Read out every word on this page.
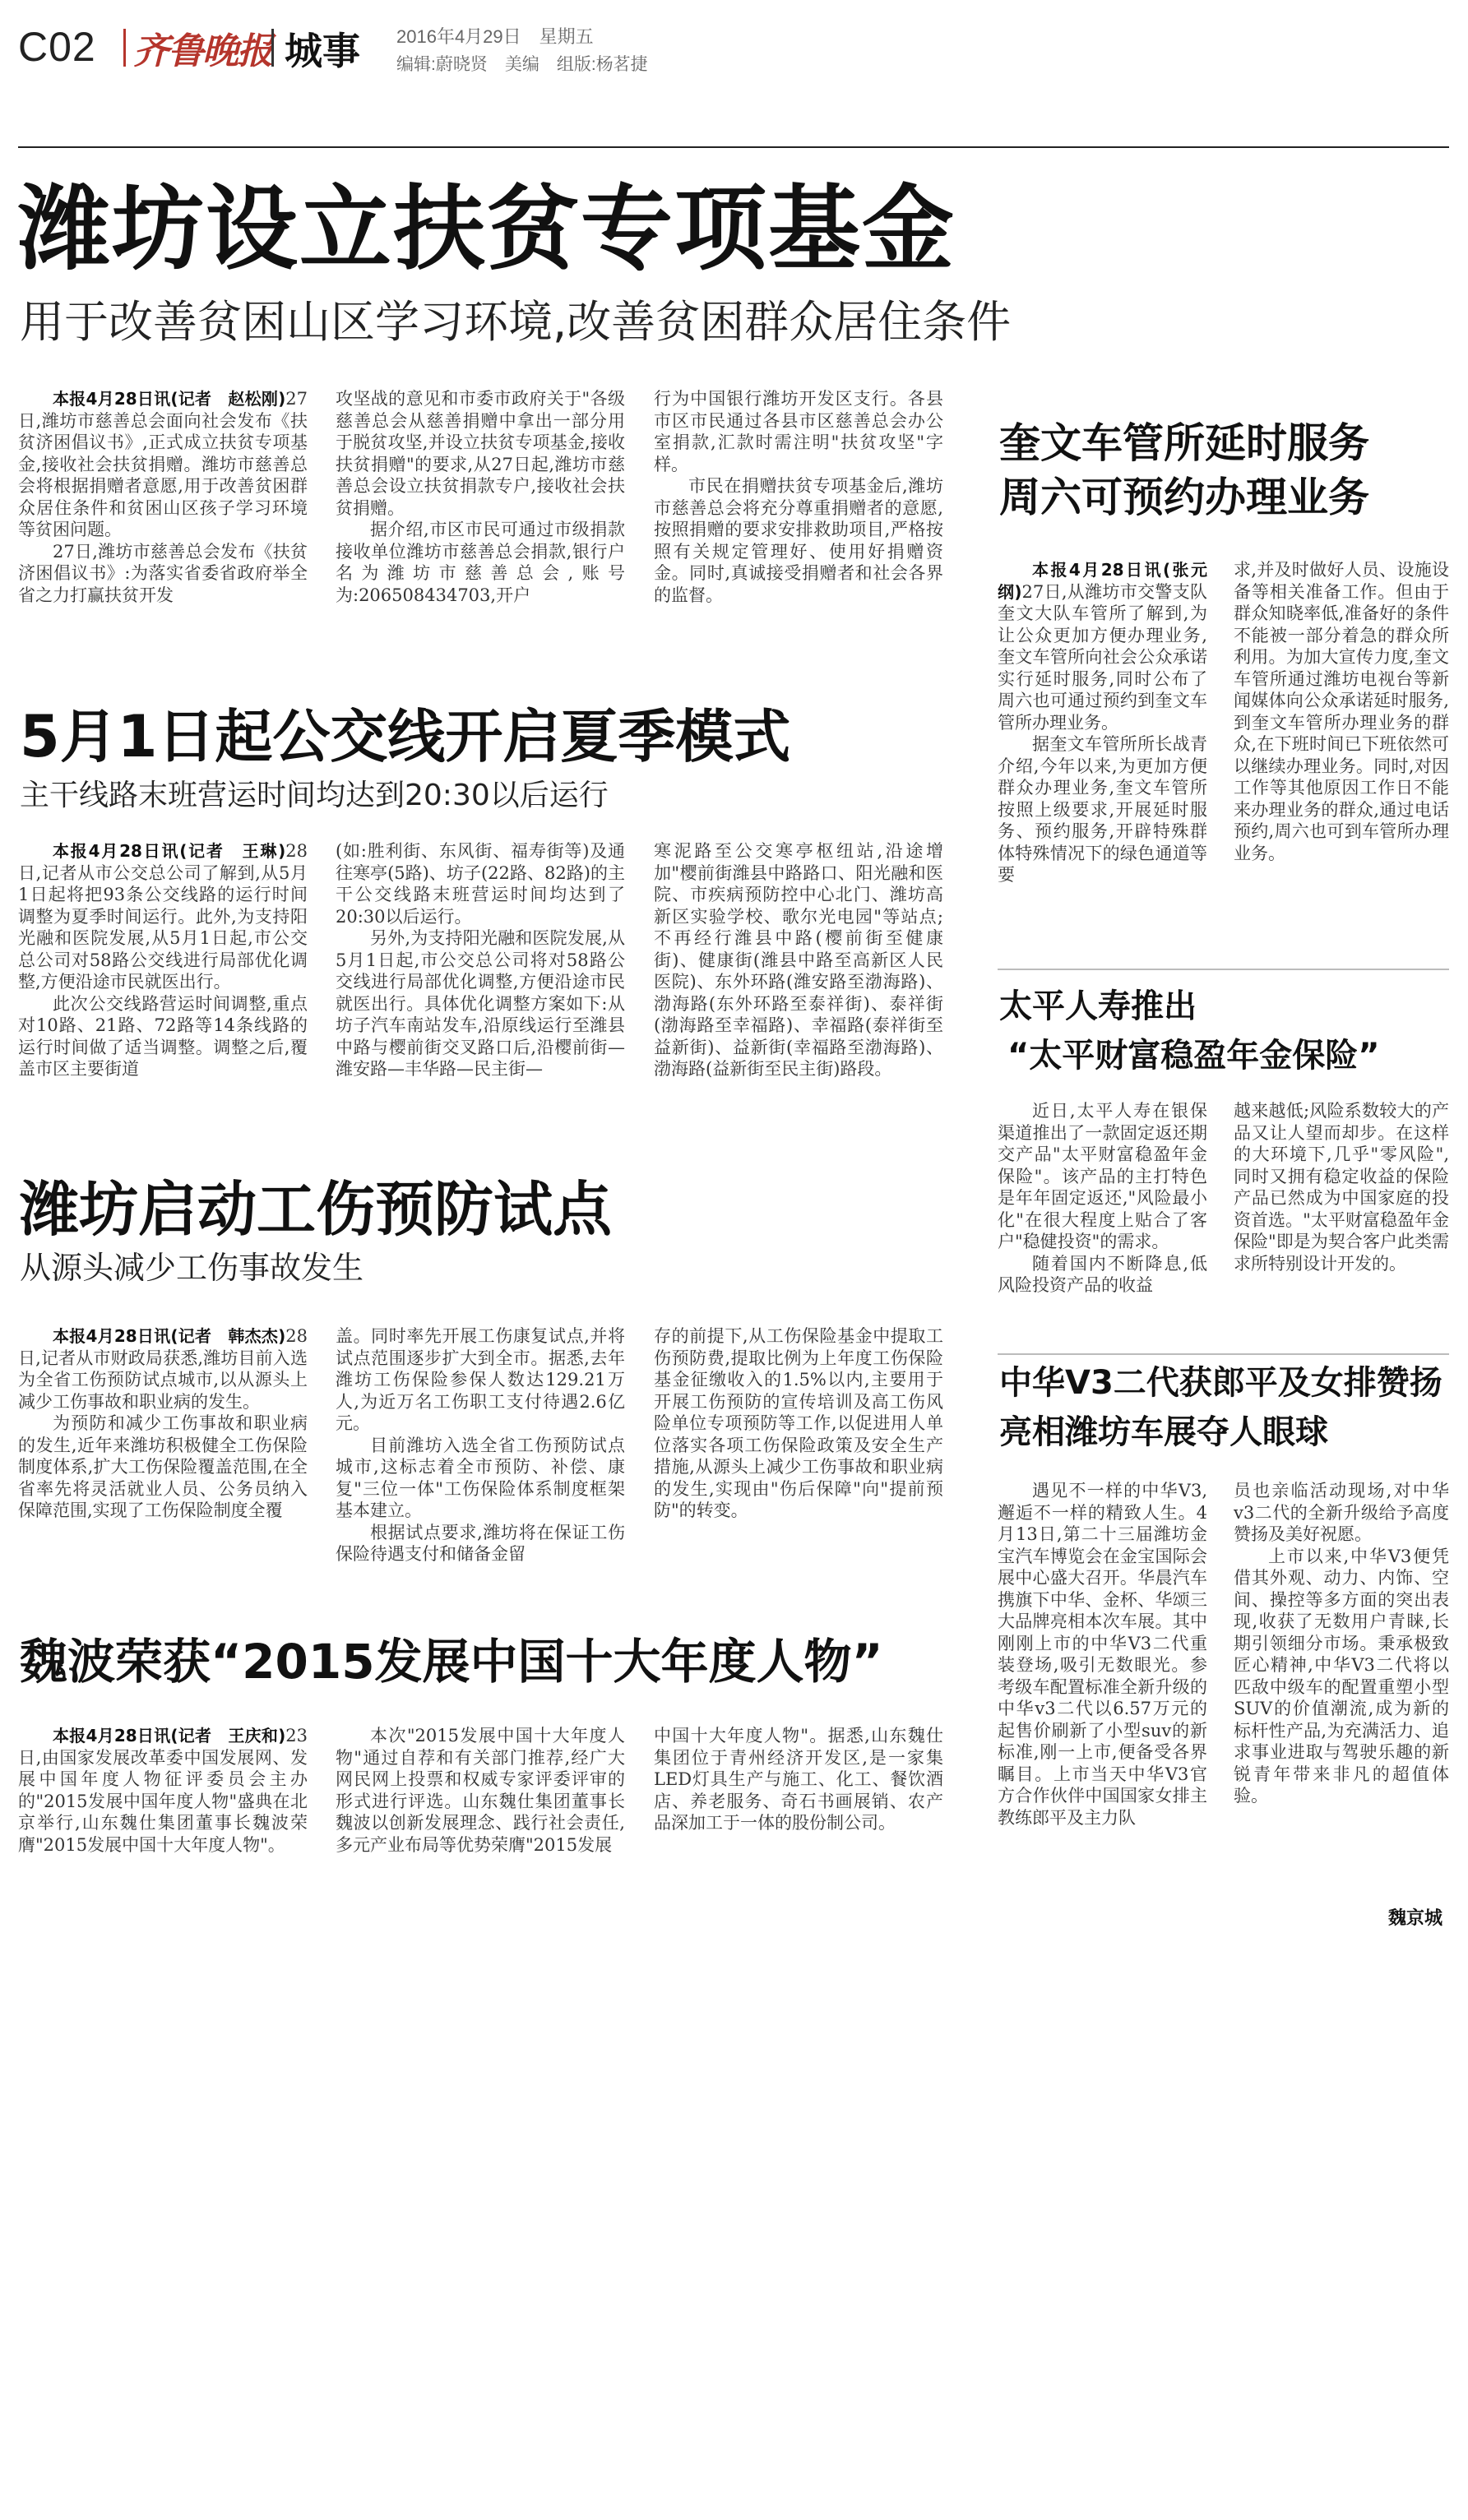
C02 齐鲁晚报 城事 2016年4月29日　星期五
编辑:蔚晓贤　美编　组版:杨茗捷
潍坊设立扶贫专项基金
用于改善贫困山区学习环境,改善贫困群众居住条件

本报4月28日讯(记者　赵松刚)27日,潍坊市慈善总会面向社会发布《扶贫济困倡议书》,正式成立扶贫专项基金,接收社会扶贫捐赠。潍坊市慈善总会将根据捐赠者意愿,用于改善贫困群众居住条件和贫困山区孩子学习环境等贫困问题。

27日,潍坊市慈善总会发布《扶贫济困倡议书》:为落实省委省政府举全省之力打赢扶贫开发

攻坚战的意见和市委市政府关于"各级慈善总会从慈善捐赠中拿出一部分用于脱贫攻坚,并设立扶贫专项基金,接收扶贫捐赠"的要求,从27日起,潍坊市慈善总会设立扶贫捐款专户,接收社会扶贫捐赠。

据介绍,市区市民可通过市级捐款接收单位潍坊市慈善总会捐款,银行户名为潍坊市慈善总会,账号为:206508434703,开户

行为中国银行潍坊开发区支行。各县市区市民通过各县市区慈善总会办公室捐款,汇款时需注明"扶贫攻坚"字样。

市民在捐赠扶贫专项基金后,潍坊市慈善总会将充分尊重捐赠者的意愿,按照捐赠的要求安排救助项目,严格按照有关规定管理好、使用好捐赠资金。同时,真诚接受捐赠者和社会各界的监督。

5月1日起公交线开启夏季模式
主干线路末班营运时间均达到20:30以后运行

本报4月28日讯(记者　王琳)28日,记者从市公交总公司了解到,从5月1日起将把93条公交线路的运行时间调整为夏季时间运行。此外,为支持阳光融和医院发展,从5月1日起,市公交总公司对58路公交线进行局部优化调整,方便沿途市民就医出行。

此次公交线路营运时间调整,重点对10路、21路、72路等14条线路的运行时间做了适当调整。调整之后,覆盖市区主要街道

(如:胜利街、东风街、福寿街等)及通往寒亭(5路)、坊子(22路、82路)的主干公交线路末班营运时间均达到了20:30以后运行。

另外,为支持阳光融和医院发展,从5月1日起,市公交总公司将对58路公交线进行局部优化调整,方便沿途市民就医出行。具体优化调整方案如下:从坊子汽车南站发车,沿原线运行至潍县中路与樱前街交叉路口后,沿樱前街—潍安路—丰华路—民主街—

寒泥路至公交寒亭枢纽站,沿途增加"樱前街潍县中路路口、阳光融和医院、市疾病预防控中心北门、潍坊高新区实验学校、歌尔光电园"等站点;不再经行潍县中路(樱前街至健康街)、健康街(潍县中路至高新区人民医院)、东外环路(潍安路至渤海路)、渤海路(东外环路至泰祥街)、泰祥街(渤海路至幸福路)、幸福路(泰祥街至益新街)、益新街(幸福路至渤海路)、渤海路(益新街至民主街)路段。

潍坊启动工伤预防试点
从源头减少工伤事故发生

本报4月28日讯(记者　韩杰杰)28日,记者从市财政局获悉,潍坊目前入选为全省工伤预防试点城市,以从源头上减少工伤事故和职业病的发生。

为预防和减少工伤事故和职业病的发生,近年来潍坊积极健全工伤保险制度体系,扩大工伤保险覆盖范围,在全省率先将灵活就业人员、公务员纳入保障范围,实现了工伤保险制度全覆

盖。同时率先开展工伤康复试点,并将试点范围逐步扩大到全市。据悉,去年潍坊工伤保险参保人数达129.21万人,为近万名工伤职工支付待遇2.6亿元。

目前潍坊入选全省工伤预防试点城市,这标志着全市预防、补偿、康复"三位一体"工伤保险体系制度框架基本建立。

根据试点要求,潍坊将在保证工伤保险待遇支付和储备金留

存的前提下,从工伤保险基金中提取工伤预防费,提取比例为上年度工伤保险基金征缴收入的1.5%以内,主要用于开展工伤预防的宣传培训及高工伤风险单位专项预防等工作,以促进用人单位落实各项工伤保险政策及安全生产措施,从源头上减少工伤事故和职业病的发生,实现由"伤后保障"向"提前预防"的转变。

魏波荣获“2015发展中国十大年度人物”

本报4月28日讯(记者　王庆和)23日,由国家发展改革委中国发展网、发展中国年度人物征评委员会主办的"2015发展中国年度人物"盛典在北京举行,山东魏仕集团董事长魏波荣膺"2015发展中国十大年度人物"。

本次"2015发展中国十大年度人物"通过自荐和有关部门推荐,经广大网民网上投票和权威专家评委评审的形式进行评选。山东魏仕集团董事长魏波以创新发展理念、践行社会责任,多元产业布局等优势荣膺"2015发展

中国十大年度人物"。据悉,山东魏仕集团位于青州经济开发区,是一家集LED灯具生产与施工、化工、餐饮酒店、养老服务、奇石书画展销、农产品深加工于一体的股份制公司。

奎文车管所延时服务
周六可预约办理业务

本报4月28日讯(张元纲)27日,从潍坊市交警支队奎文大队车管所了解到,为让公众更加方便办理业务,奎文车管所向社会公众承诺实行延时服务,同时公布了周六也可通过预约到奎文车管所办理业务。

据奎文车管所所长战青介绍,今年以来,为更加方便群众办理业务,奎文车管所按照上级要求,开展延时服务、预约服务,开辟特殊群体特殊情况下的绿色通道等要

求,并及时做好人员、设施设备等相关准备工作。但由于群众知晓率低,准备好的条件不能被一部分着急的群众所利用。为加大宣传力度,奎文车管所通过潍坊电视台等新闻媒体向公众承诺延时服务,到奎文车管所办理业务的群众,在下班时间已下班依然可以继续办理业务。同时,对因工作等其他原因工作日不能来办理业务的群众,通过电话预约,周六也可到车管所办理业务。

太平人寿推出
“太平财富稳盈年金保险”

近日,太平人寿在银保渠道推出了一款固定返还期交产品"太平财富稳盈年金保险"。该产品的主打特色是年年固定返还,"风险最小化"在很大程度上贴合了客户"稳健投资"的需求。

随着国内不断降息,低风险投资产品的收益

越来越低;风险系数较大的产品又让人望而却步。在这样的大环境下,几乎"零风险",同时又拥有稳定收益的保险产品已然成为中国家庭的投资首选。"太平财富稳盈年金保险"即是为契合客户此类需求所特别设计开发的。

中华V3二代获郎平及女排赞扬
亮相潍坊车展夺人眼球

遇见不一样的中华V3,邂逅不一样的精致人生。4月13日,第二十三届潍坊金宝汽车博览会在金宝国际会展中心盛大召开。华晨汽车携旗下中华、金杯、华颂三大品牌亮相本次车展。其中刚刚上市的中华V3二代重装登场,吸引无数眼光。参考级车配置标准全新升级的中华v3二代以6.57万元的起售价刷新了小型suv的新标准,刚一上市,便备受各界瞩目。上市当天中华V3官方合作伙伴中国国家女排主教练郎平及主力队

员也亲临活动现场,对中华v3二代的全新升级给予高度赞扬及美好祝愿。

上市以来,中华V3便凭借其外观、动力、内饰、空间、操控等多方面的突出表现,收获了无数用户青睐,长期引领细分市场。秉承极致匠心精神,中华V3二代将以匹敌中级车的配置重塑小型SUV的价值潮流,成为新的标杆性产品,为充满活力、追求事业进取与驾驶乐趣的新锐青年带来非凡的超值体验。

魏京城
